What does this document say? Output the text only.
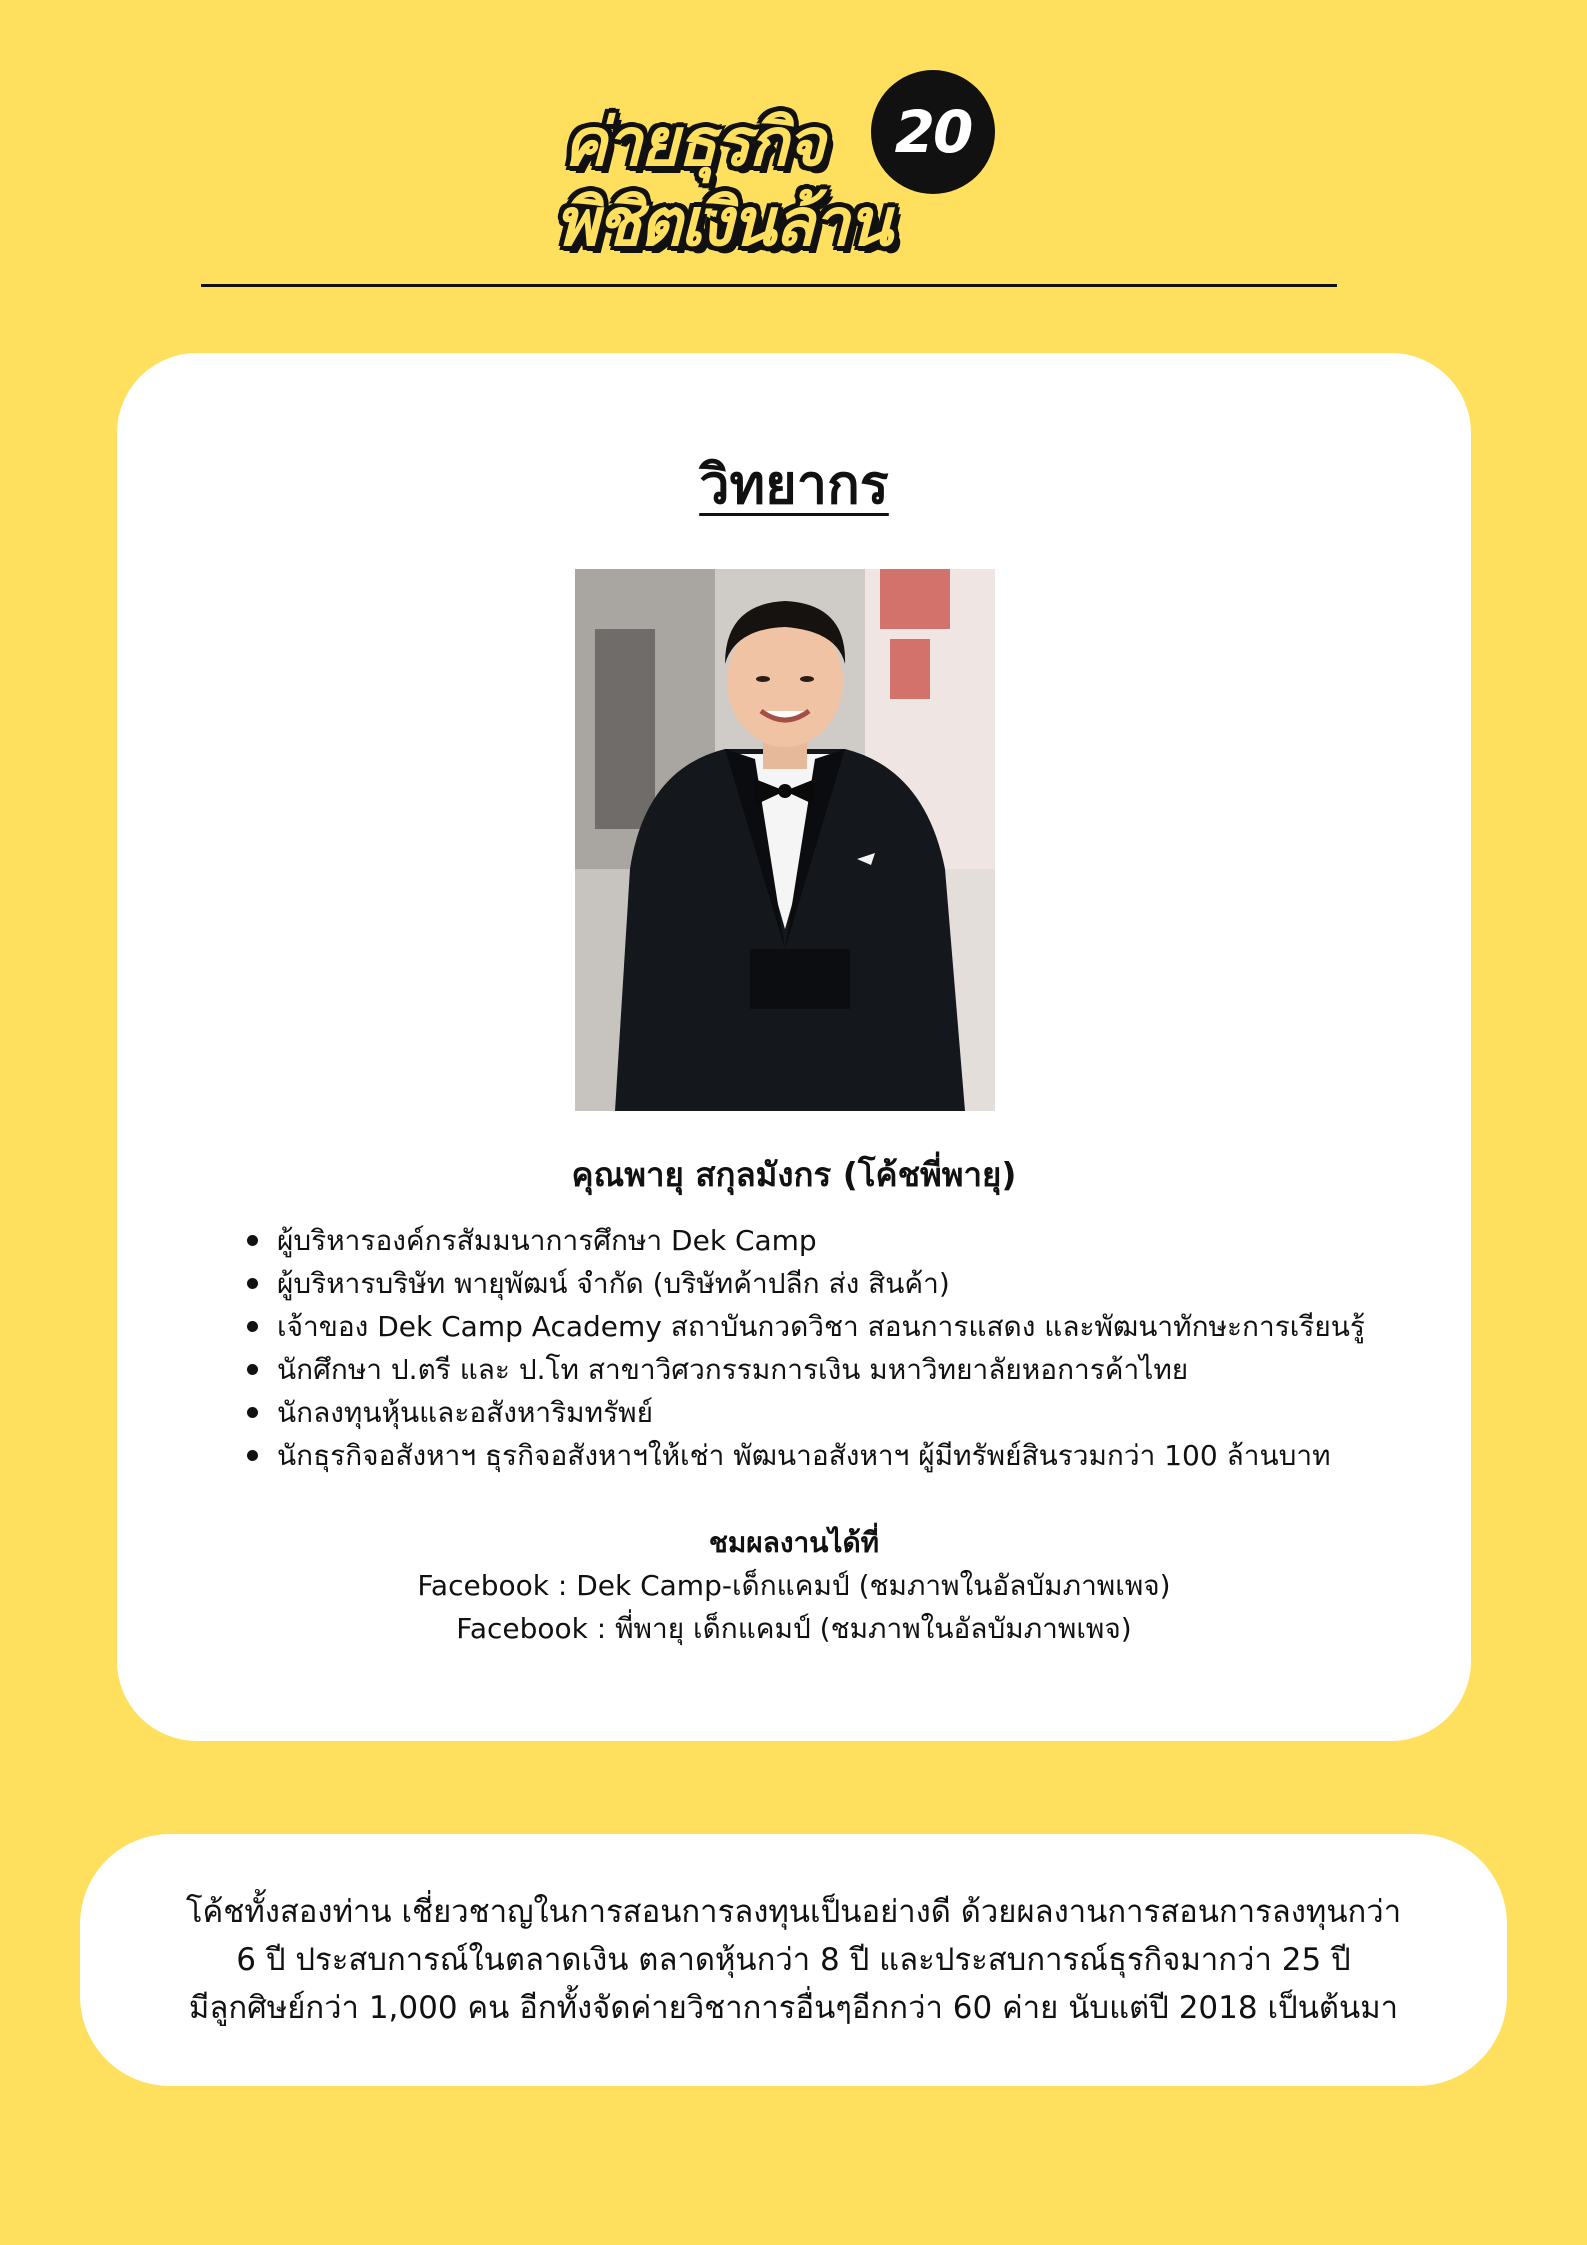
ค่ายธุรกิจ	20
พิชิตเงินล้าน
วิทยากร
คุณพายุ สกุลมังกร (โค้ชพี่พายุ)
ผู้บริหารองค์กรสัมมนาการศึกษา Dek Camp
ผู้บริหารบริษัท พายุพัฒน์ จำกัด (บริษัทค้าปลีก ส่ง สินค้า)
เจ้าของ Dek Camp Academy สถาบันกวดวิชา สอนการแสดง และพัฒนาทักษะการเรียนรู้
นักศึกษา ป.ตรี และ ป.โท สาขาวิศวกรรมการเงิน มหาวิทยาลัยหอการค้าไทย
นักลงทุนหุ้นและอสังหาริมทรัพย์
นักธุรกิจอสังหาฯ ธุรกิจอสังหาฯให้เช่า พัฒนาอสังหาฯ ผู้มีทรัพย์สินรวมกว่า 100 ล้านบาท
ชมผลงานได้ที่
Facebook : Dek Camp-เด็กแคมป์ (ชมภาพในอัลบัมภาพเพจ)
Facebook : พี่พายุ เด็กแคมป์ (ชมภาพในอัลบัมภาพเพจ)
โค้ชทั้งสองท่าน เชี่ยวชาญในการสอนการลงทุนเป็นอย่างดี ด้วยผลงานการสอนการลงทุนกว่า
6 ปี ประสบการณ์ในตลาดเงิน ตลาดหุ้นกว่า 8 ปี และประสบการณ์ธุรกิจมากว่า 25 ปี
มีลูกศิษย์กว่า 1,000 คน อีกทั้งจัดค่ายวิชาการอื่นๆอีกกว่า 60 ค่าย นับแต่ปี 2018 เป็นต้นมา
